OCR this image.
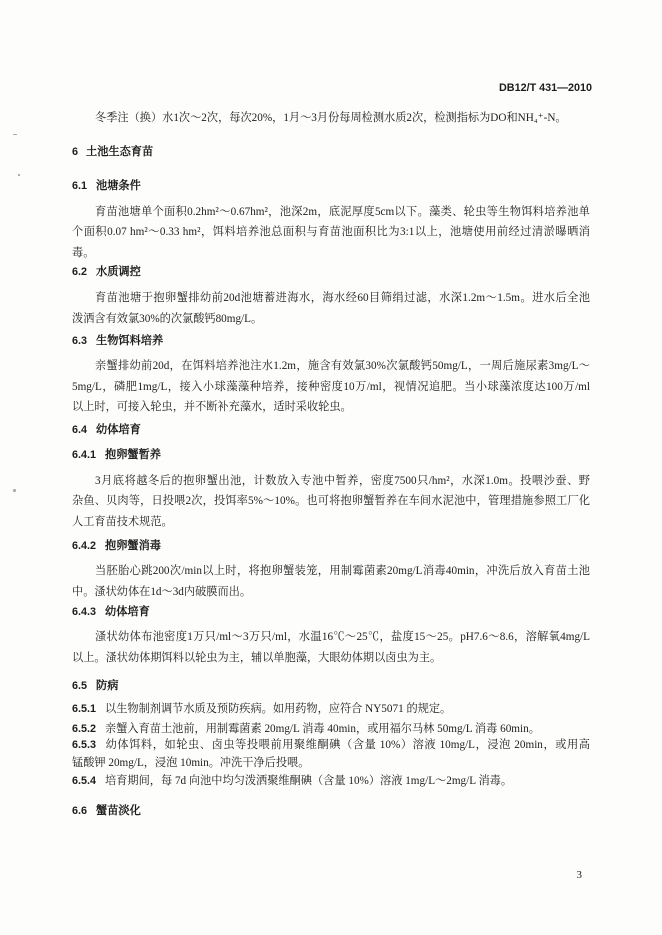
DB12/T 431—2010
冬季注（换）水1次～2次，每次20%，1月～3月份每周检测水质2次，检测指标为DO和NH₄⁺-N。
6 土池生态育苗
6.1 池塘条件
育苗池塘单个面积0.2hm²～0.67hm²，池深2m，底泥厚度5cm以下。藻类、轮虫等生物饵料培养池单
个面积0.07 hm²～0.33 hm²，饵料培养池总面积与育苗池面积比为3:1以上，池塘使用前经过清淤曝晒消
毒。
6.2 水质调控
育苗池塘于抱卵蟹排幼前20d池塘蓄进海水，海水经60目筛绢过滤，水深1.2m～1.5m。进水后全池
泼洒含有效氯30%的次氯酸钙80mg/L。
6.3 生物饵料培养
亲蟹排幼前20d，在饵料培养池注水1.2m，施含有效氯30%次氯酸钙50mg/L，一周后施尿素3mg/L～
5mg/L，磷肥1mg/L，接入小球藻藻种培养，接种密度10万/ml，视情况追肥。当小球藻浓度达100万/ml
以上时，可接入轮虫，并不断补充藻水，适时采收轮虫。
6.4 幼体培育
6.4.1 抱卵蟹暂养
3月底将越冬后的抱卵蟹出池，计数放入专池中暂养，密度7500只/hm²，水深1.0m。投喂沙蚕、野
杂鱼、贝肉等，日投喂2次，投饵率5%～10%。也可将抱卵蟹暂养在车间水泥池中，管理措施参照工厂化
人工育苗技术规范。
6.4.2 抱卵蟹消毒
当胚胎心跳200次/min以上时，将抱卵蟹装笼，用制霉菌素20mg/L消毒40min，冲洗后放入育苗土池
中。溞状幼体在1d～3d内破膜而出。
6.4.3 幼体培育
溞状幼体布池密度1万只/ml～3万只/ml，水温16℃～25℃，盐度15～25。pH7.6～8.6，溶解氧4mg/L
以上。溞状幼体期饵料以轮虫为主，辅以单胞藻，大眼幼体期以卤虫为主。
6.5 防病
6.5.1 以生物制剂调节水质及预防疾病。如用药物，应符合 NY5071 的规定。
6.5.2 亲蟹入育苗土池前，用制霉菌素 20mg/L 消毒 40min，或用福尔马林 50mg/L 消毒 60min。
6.5.3 幼体饵料，如轮虫、卤虫等投喂前用聚维酮碘（含量 10%）溶液 10mg/L，浸泡 20min，或用高
锰酸钾 20mg/L，浸泡 10min。冲洗干净后投喂。
6.5.4 培育期间，每 7d 向池中均匀泼洒聚维酮碘（含量 10%）溶液 1mg/L～2mg/L 消毒。
6.6 蟹苗淡化
3
